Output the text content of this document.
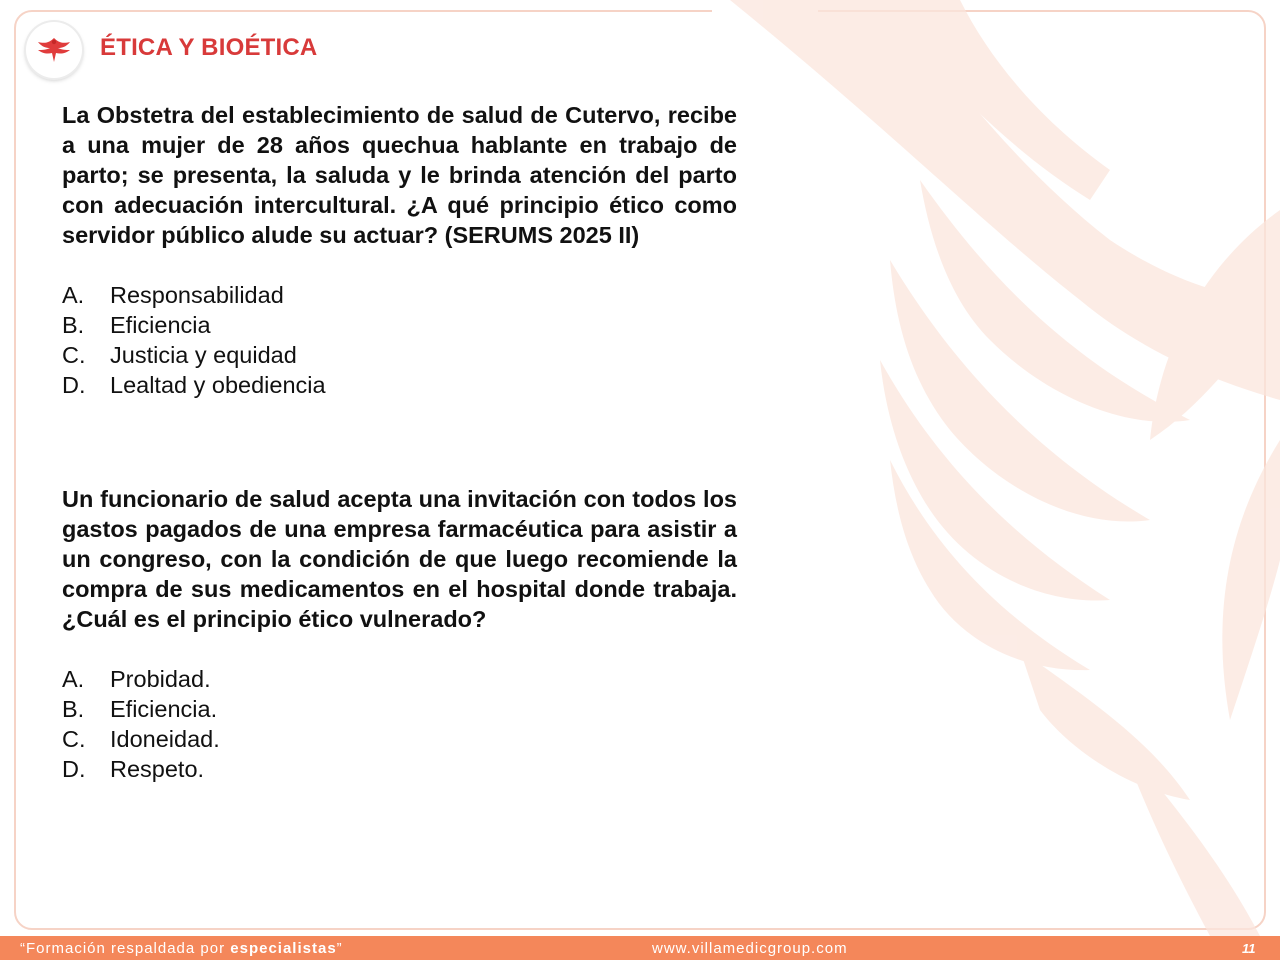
ÉTICA Y BIOÉTICA

La Obstetra del establecimiento de salud de Cutervo, recibe a una mujer de 28 años quechua hablante en trabajo de parto; se presenta, la saluda y le brinda atención del parto con adecuación intercultural. ¿A qué principio ético como servidor público alude su actuar? (SERUMS 2025 II)

A.	Responsabilidad
B.	Eficiencia
C.	Justicia y equidad
D.	Lealtad y obediencia

Un funcionario de salud acepta una invitación con todos los gastos pagados de una empresa farmacéutica para asistir a un congreso, con la condición de que luego recomiende la compra de sus medicamentos en el hospital donde trabaja. ¿Cuál es el principio ético vulnerado?

A.	Probidad.
B.	Eficiencia.
C.	Idoneidad.
D.	Respeto.
“Formación respaldada por especialistas”	www.villamedicgroup.com	11
